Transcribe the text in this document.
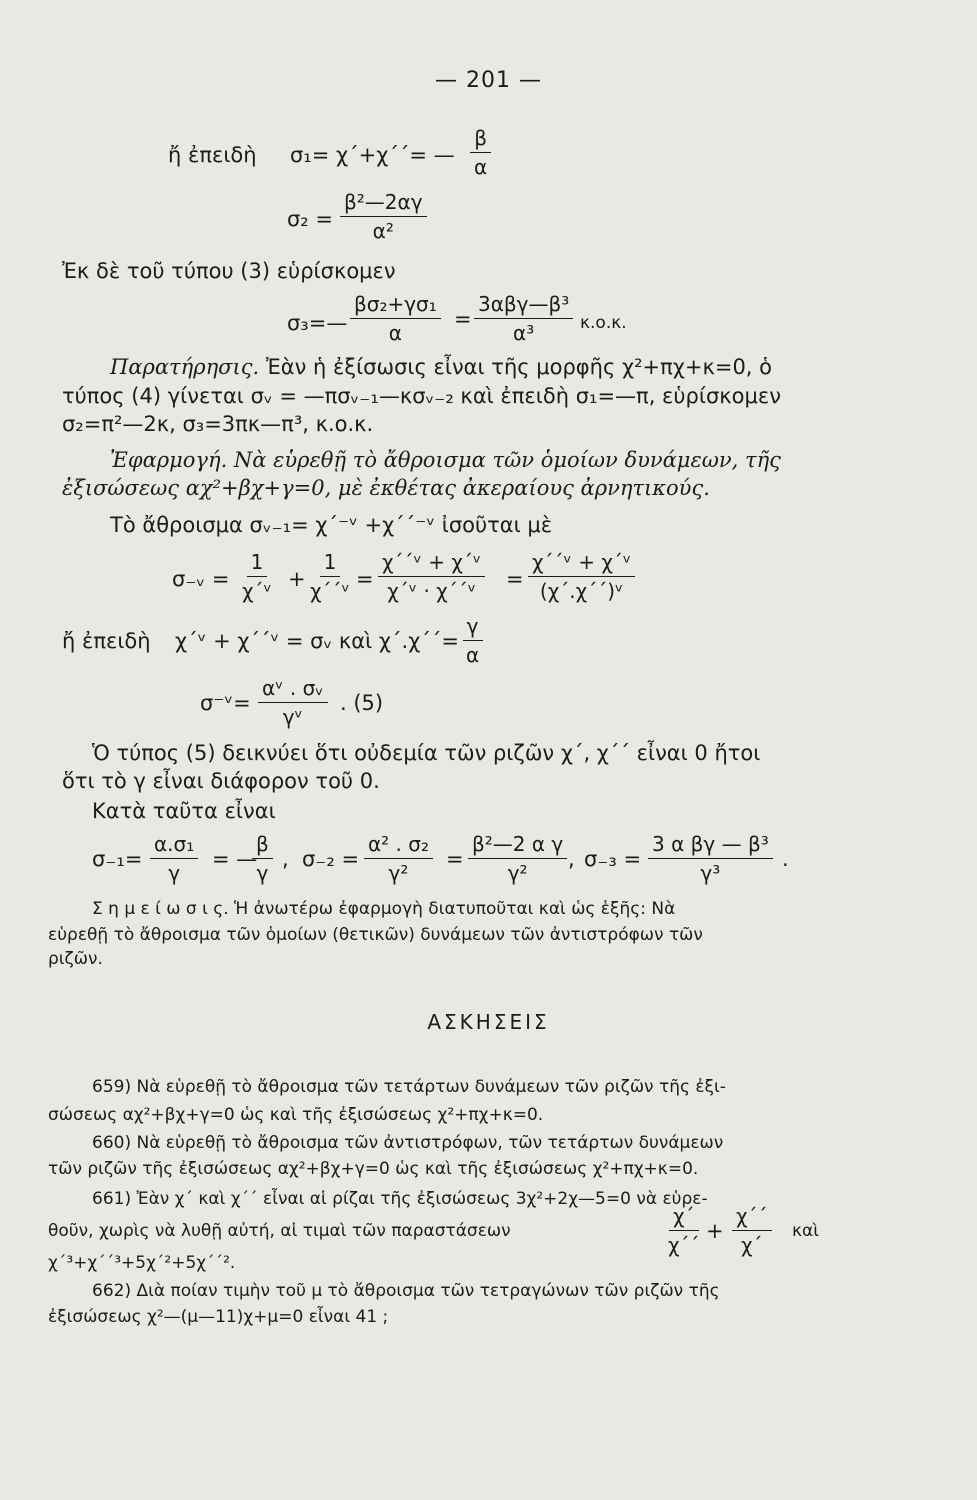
— 201 —
ἤ ἐπειδὴ σ₁= χ΄+χ΄΄= — $\frac{\beta}{\alpha}$
$\sigma_2 = \frac{\text{β²—2αγ}}{\text{α²}}$
Ἐκ δὲ τοῦ τύπου (3) εὑρίσκομεν
σ₃=— $\frac{\text{βσ₂+γσ₁}}{\alpha}$ =
3αβγ—β³
α³	κ.ο.κ.
Παρατήρησις. Ἐὰν ἡ ἐξίσωσις εἶναι τῆς μορφῆς χ²+πχ+κ=0, ὁ
τύπος (4) γίνεται σᵥ = —πσᵥ₋₁—κσᵥ₋₂ καὶ ἐπειδὴ σ₁=—π, εὑρίσκομεν
σ₂=π²—2κ, σ₃=3πκ—π³, κ.ο.κ.
Ἐφαρμογή. Νὰ εὑρεθῇ τὸ ἄθροισμα τῶν ὁμοίων δυνάμεων, τῆς
ἐξισώσεως αχ²+βχ+γ=0, μὲ ἐκθέτας ἀκεραίους ἀρνητικούς.
Τὸ ἄθροισμα σᵥ₋₁= χ΄⁻ᵛ +χ΄΄⁻ᵛ ἰσοῦται μὲ
σ₋ᵥ = $\frac{1}{\text{χ΄ᵛ}} + \frac{1}{\text{χ΄΄ᵛ}} = \frac{\text{χ΄΄ᵛ + χ΄ᵛ}}{\text{χ΄ᵛ · χ΄΄ᵛ}} = \frac{\text{χ΄΄ᵛ + χ΄ᵛ}}{\text{(χ΄.χ΄΄)ᵛ}}$
ἤ ἐπειδὴ χ΄ᵛ + χ΄΄ᵛ = σᵥ καὶ $\chi΄.\chi΄΄= \frac{\gamma}{\alpha}$
σ⁻ᵛ= $\frac{\text{αᵛ . σᵥ}}{\text{γᵛ}}$ . (5)
Ὁ τύπος (5) δεικνύει ὅτι οὐδεμία τῶν ριζῶν χ΄, χ΄΄ εἶναι 0 ἤτοι
ὅτι τὸ γ εἶναι διάφορον τοῦ 0.
Κατὰ ταῦτα εἶναι
$\sigma_{-1}= \frac{\text{α.σ₁}}{\gamma}$ = —
$\frac{\beta}{\gamma}$ , $\sigma_{-2} = \frac{\text{α² . σ₂}}{\text{γ²}} = \frac{\text{β²—2 α γ}}{\text{γ²}}$ , $\sigma_{-3} = \frac{\text{3 α βγ — β³}}{\text{γ³}}$ .
Σ η μ ε ί ω σ ι ς. Ἡ ἀνωτέρω ἐφαρμογὴ διατυποῦται καὶ ὡς ἑξῆς: Νὰ
εὑρεθῇ τὸ ἄθροισμα τῶν ὁμοίων (θετικῶν) δυνάμεων τῶν ἀντιστρόφων τῶν
ριζῶν.
ΑΣΚΗΣΕΙΣ
659) Νὰ εὑρεθῇ τὸ ἄθροισμα τῶν τετάρτων δυνάμεων τῶν ριζῶν τῆς ἐξι-
σώσεως αχ²+βχ+γ=0 ὡς καὶ τῆς ἐξισώσεως χ²+πχ+κ=0.
660) Νὰ εὑρεθῇ τὸ ἄθροισμα τῶν ἀντιστρόφων, τῶν τετάρτων δυνάμεων
τῶν ριζῶν τῆς ἐξισώσεως αχ²+βχ+γ=0 ὡς καὶ τῆς ἐξισώσεως χ²+πχ+κ=0.
661) Ἐὰν χ΄ καὶ χ΄΄ εἶναι αἱ ρίζαι τῆς ἐξισώσεως 3χ²+2χ—5=0 νὰ εὑρε-
θοῦν, χωρὶς νὰ λυθῇ αὐτή, αἱ τιμαὶ τῶν παραστάσεων	$\frac{\chi΄}{\chi΄΄} + \frac{\chi΄΄}{\chi΄}$ καὶ
χ΄³+χ΄΄³+5χ΄²+5χ΄΄².
662) Διὰ ποίαν τιμὴν τοῦ μ τὸ ἄθροισμα τῶν τετραγώνων τῶν ριζῶν τῆς
ἐξισώσεως χ²—(μ—11)χ+μ=0 εἶναι 41 ;
